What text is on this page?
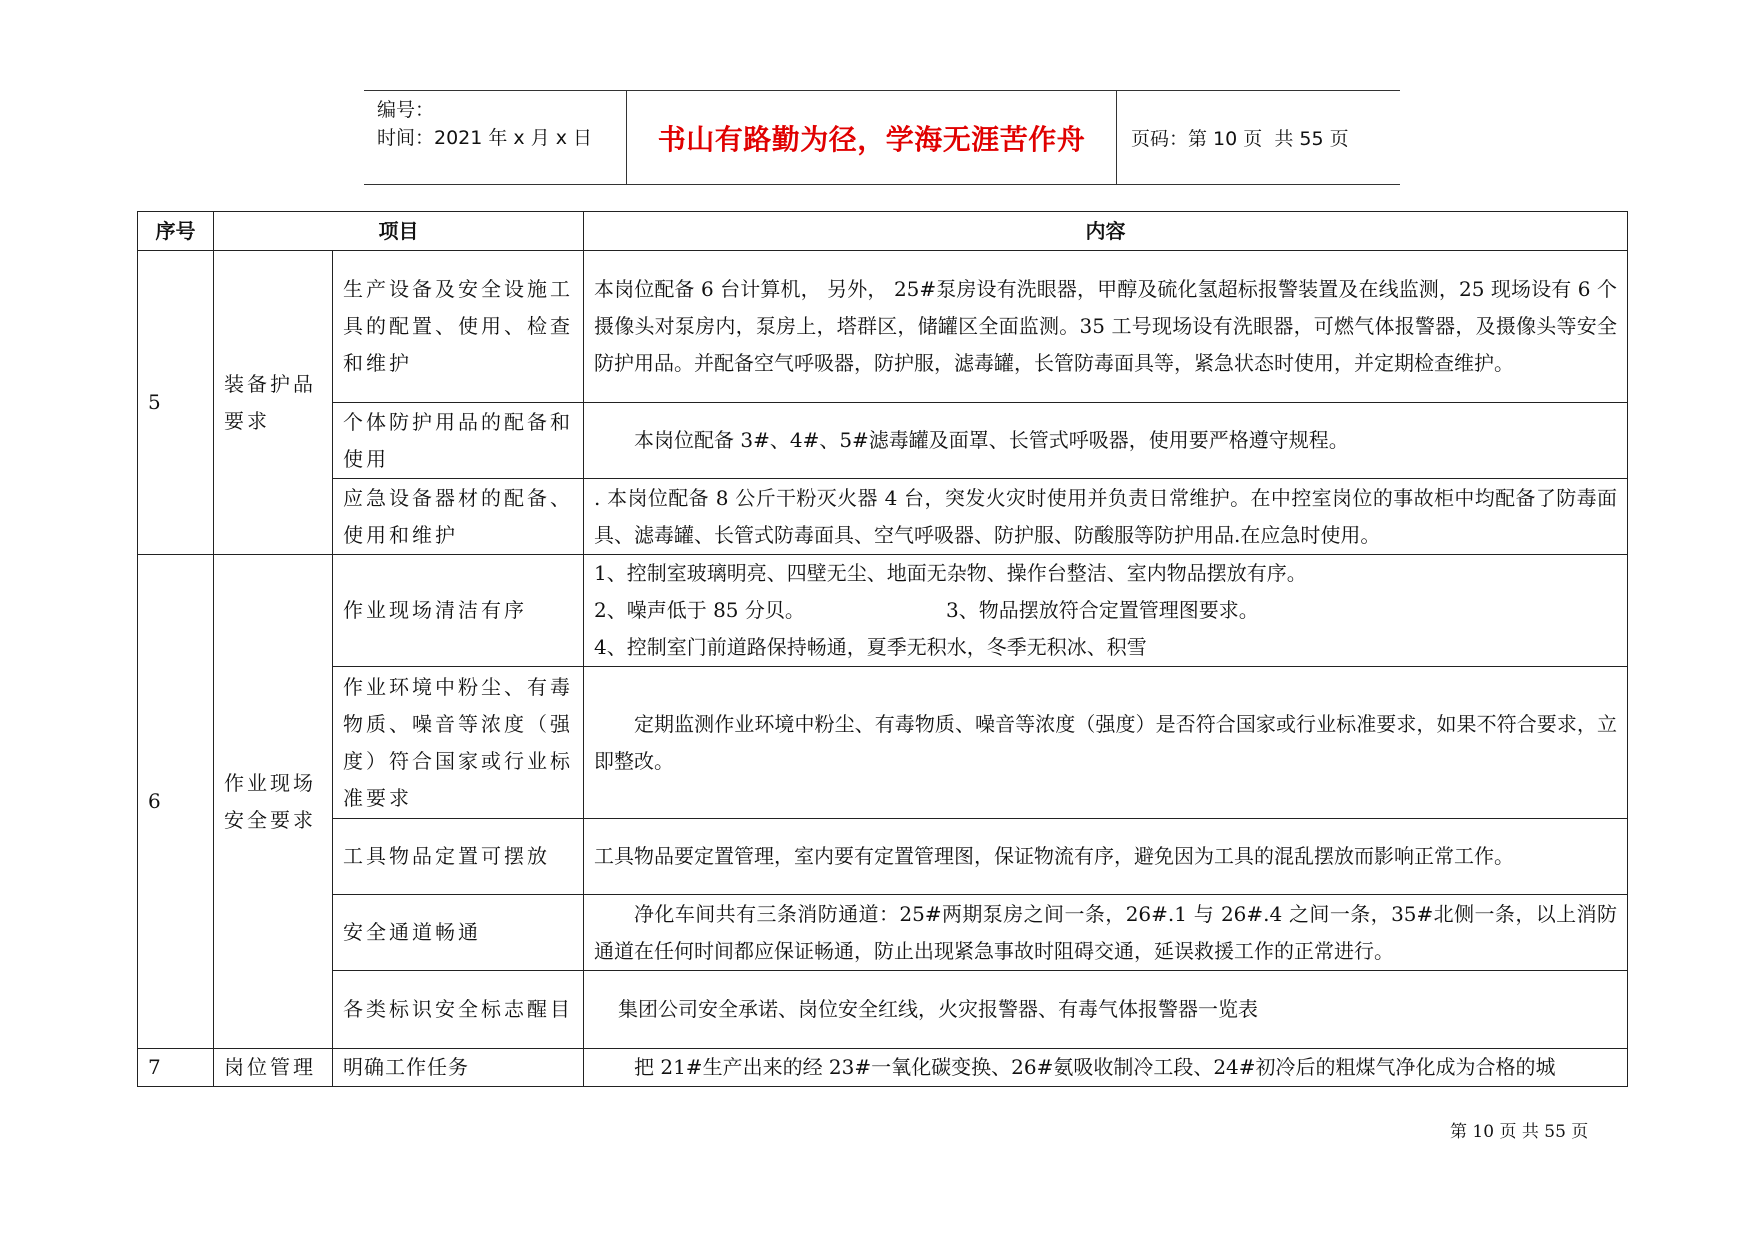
编号：
时间：2021 年 x 月 x 日 书山有路勤为径，学海无涯苦作舟 页码：第 10 页  共 55 页
序号	项目		内容
5	装备护品要求	生产设备及安全设施工具的配置、使用、检查和维护	本岗位配备 6 台计算机， 另外， 25#泵房设有洗眼器，甲醇及硫化氢超标报警装置及在线监测，25 现场设有 6 个摄像头对泵房内，泵房上，塔群区，储罐区全面监测。35 工号现场设有洗眼器，可燃气体报警器，及摄像头等安全防护用品。并配备空气呼吸器，防护服，滤毒罐，长管防毒面具等，紧急状态时使用，并定期检查维护。
		个体防护用品的配备和使用	本岗位配备 3#、4#、5#滤毒罐及面罩、长管式呼吸器，使用要严格遵守规程。
		应急设备器材的配备、使用和维护	. 本岗位配备 8 公斤干粉灭火器 4 台，突发火灾时使用并负责日常维护。在中控室岗位的事故柜中均配备了防毒面具、滤毒罐、长管式防毒面具、空气呼吸器、防护服、防酸服等防护用品.在应急时使用。
6	作业现场安全要求	作业现场清洁有序	1、控制室玻璃明亮、四壁无尘、地面无杂物、操作台整洁、室内物品摆放有序。
2、噪声低于 85 分贝。 3、物品摆放符合定置管理图要求。
4、控制室门前道路保持畅通，夏季无积水，冬季无积冰、积雪

		作业环境中粉尘、有毒物质、噪音等浓度（强度）符合国家或行业标准要求	定期监测作业环境中粉尘、有毒物质、噪音等浓度（强度）是否符合国家或行业标准要求，如果不符合要求，立即整改。
		工具物品定置可摆放	工具物品要定置管理，室内要有定置管理图，保证物流有序，避免因为工具的混乱摆放而影响正常工作。
		安全通道畅通	净化车间共有三条消防通道：25#两期泵房之间一条，26#.1 与 26#.4 之间一条，35#北侧一条，以上消防通道在任何时间都应保证畅通，防止出现紧急事故时阻碍交通，延误救援工作的正常进行。
		各类标识安全标志醒目	集团公司安全承诺、岗位安全红线，火灾报警器、有毒气体报警器一览表
7	岗位管理	明确工作任务	把 21#生产出来的经 23#一氧化碳变换、26#氨吸收制冷工段、24#初冷后的粗煤气净化成为合格的城
第 10 页 共 55 页
